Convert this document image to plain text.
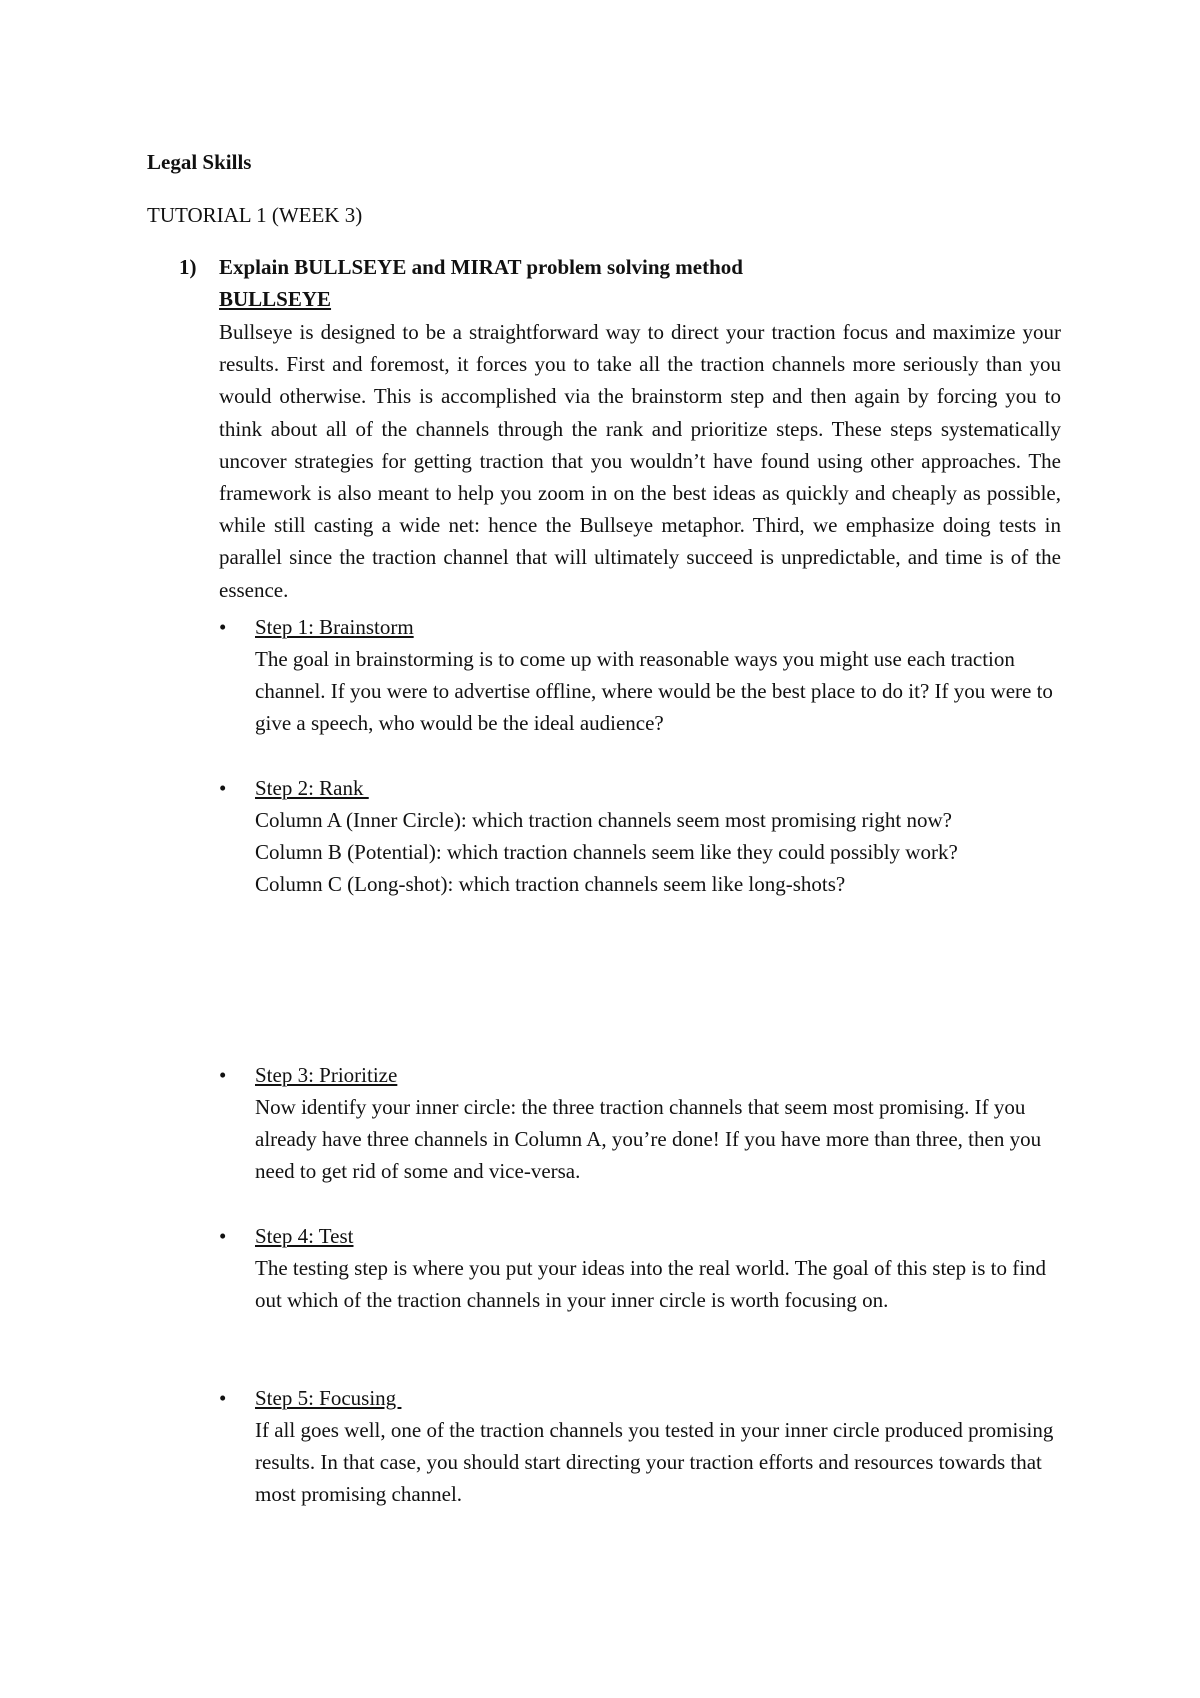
Legal Skills

TUTORIAL 1 (WEEK 3)

1) Explain BULLSEYE and MIRAT problem solving method

BULLSEYE

Bullseye is designed to be a straightforward way to direct your traction focus and maximize your results. First and foremost, it forces you to take all the traction channels more seriously than you would otherwise. This is accomplished via the brainstorm step and then again by forcing you to think about all of the channels through the rank and prioritize steps. These steps systematically uncover strategies for getting traction that you wouldn’t have found using other approaches. The framework is also meant to help you zoom in on the best ideas as quickly and cheaply as possible, while still casting a wide net: hence the Bullseye metaphor. Third, we emphasize doing tests in parallel since the traction channel that will ultimately succeed is unpredictable, and time is of the essence.

• Step 1: Brainstorm

The goal in brainstorming is to come up with reasonable ways you might use each traction channel. If you were to advertise offline, where would be the best place to do it? If you were to give a speech, who would be the ideal audience?

• Step 2: Rank
Column A (Inner Circle): which traction channels seem most promising right now?
Column B (Potential): which traction channels seem like they could possibly work?
Column C (Long-shot): which traction channels seem like long-shots?
• Step 3: Prioritize

Now identify your inner circle: the three traction channels that seem most promising. If you already have three channels in Column A, you’re done! If you have more than three, then you need to get rid of some and vice-versa.

• Step 4: Test

The testing step is where you put your ideas into the real world. The goal of this step is to find out which of the traction channels in your inner circle is worth focusing on.

• Step 5: Focusing

If all goes well, one of the traction channels you tested in your inner circle produced promising results. In that case, you should start directing your traction efforts and resources towards that most promising channel.
